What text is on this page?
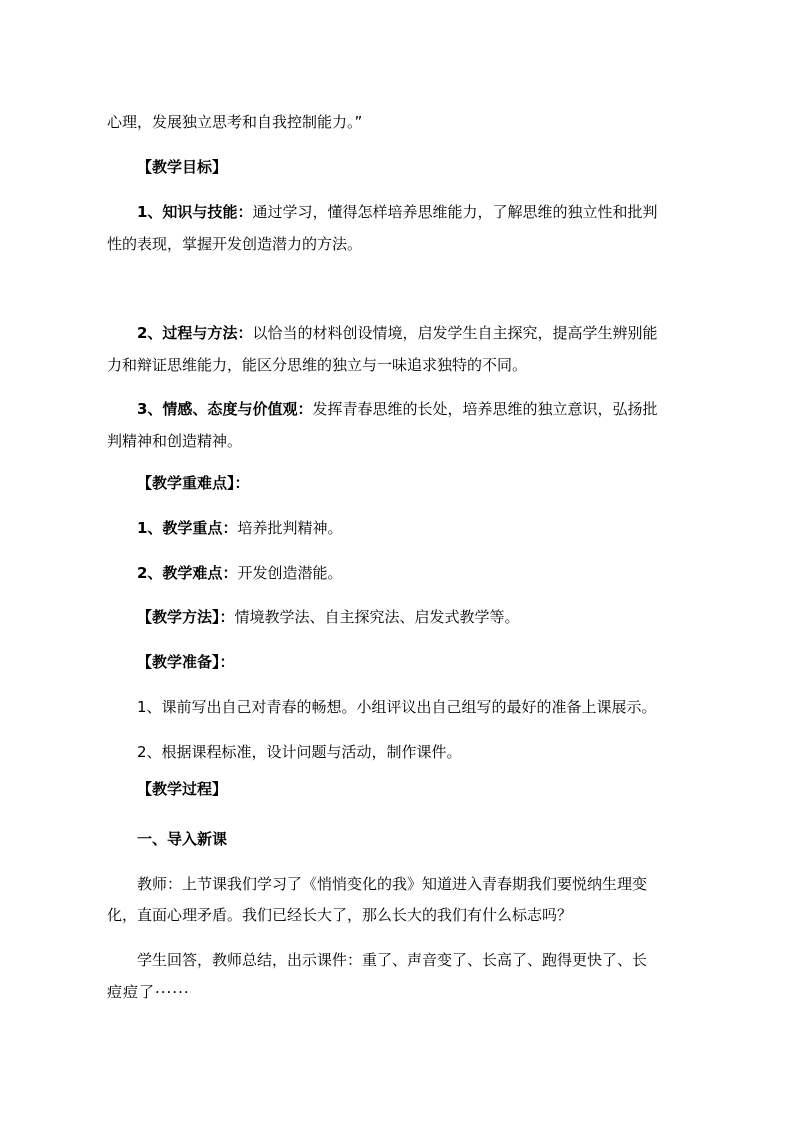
心理，发展独立思考和自我控制能力。”
【教学目标】
1、知识与技能：通过学习，懂得怎样培养思维能力，了解思维的独立性和批判
性的表现，掌握开发创造潜力的方法。
2、过程与方法：以恰当的材料创设情境，启发学生自主探究，提高学生辨别能
力和辩证思维能力，能区分思维的独立与一味追求独特的不同。
3、情感、态度与价值观：发挥青春思维的长处，培养思维的独立意识，弘扬批
判精神和创造精神。
【教学重难点】：
1、教学重点：培养批判精神。
2、教学难点：开发创造潜能。
【教学方法】：情境教学法、自主探究法、启发式教学等。
【教学准备】：
1、课前写出自己对青春的畅想。小组评议出自己组写的最好的准备上课展示。
2、根据课程标准，设计问题与活动，制作课件。
【教学过程】
一、导入新课
教师：上节课我们学习了《悄悄变化的我》知道进入青春期我们要悦纳生理变
化，直面心理矛盾。我们已经长大了，那么长大的我们有什么标志吗？
学生回答，教师总结，出示课件：重了、声音变了、长高了、跑得更快了、长
痘痘了······
